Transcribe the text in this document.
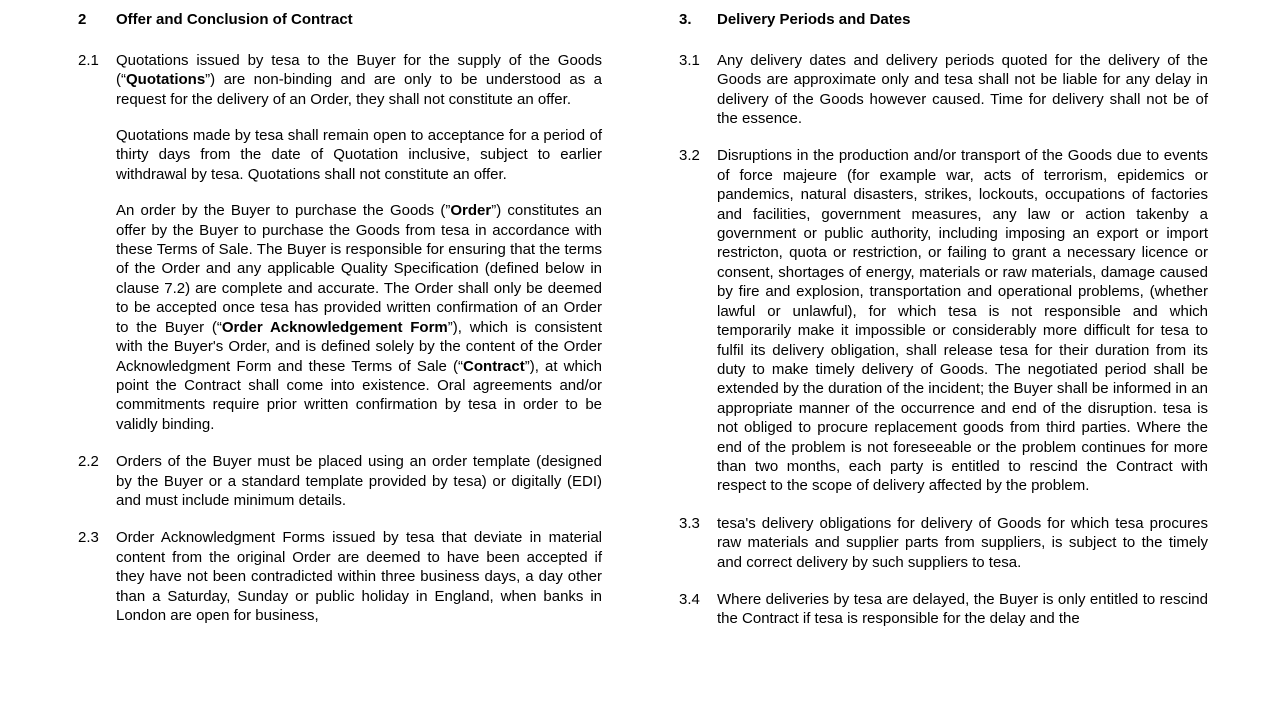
2	Offer and Conclusion of Contract
2.1	Quotations issued by tesa to the Buyer for the supply of the Goods (“Quotations”) are non-binding and are only to be understood as a request for the delivery of an Order, they shall not constitute an offer.

Quotations made by tesa shall remain open to acceptance for a period of thirty days from the date of Quotation inclusive, subject to earlier withdrawal by tesa. Quotations shall not constitute an offer.

An order by the Buyer to purchase the Goods (”Order”) constitutes an offer by the Buyer to purchase the Goods from tesa in accordance with these Terms of Sale. The Buyer is responsible for ensuring that the terms of the Order and any applicable Quality Specification (defined below in clause 7.2) are complete and accurate. The Order shall only be deemed to be accepted once tesa has provided written confirmation of an Order to the Buyer (“Order Acknowledgement Form”), which is consistent with the Buyer's Order, and is defined solely by the content of the Order Acknowledgment Form and these Terms of Sale (“Contract”), at which point the Contract shall come into existence. Oral agreements and/or commitments require prior written confirmation by tesa in order to be validly binding.

2.2	Orders of the Buyer must be placed using an order template (designed by the Buyer or a standard template provided by tesa) or digitally (EDI) and must include minimum details.

2.3	Order Acknowledgment Forms issued by tesa that deviate in material content from the original Order are deemed to have been accepted if they have not been contradicted within three business days, a day other than a Saturday, Sunday or public holiday in England, when banks in London are open for business,

3.	Delivery Periods and Dates
3.1	Any delivery dates and delivery periods quoted for the delivery of the Goods are approximate only and tesa shall not be liable for any delay in delivery of the Goods however caused. Time for delivery shall not be of the essence.

3.2	Disruptions in the production and/or transport of the Goods due to events of force majeure (for example war, acts of terrorism, epidemics or pandemics, natural disasters, strikes, lockouts, occupations of factories and facilities, government measures, any law or action takenby a government or public authority, including imposing an export or import restricton, quota or restriction, or failing to grant a necessary licence or consent, shortages of energy, materials or raw materials, damage caused by fire and explosion, transportation and operational problems, (whether lawful or unlawful), for which tesa is not responsible and which temporarily make it impossible or considerably more difficult for tesa to fulfil its delivery obligation, shall release tesa for their duration from its duty to make timely delivery of Goods. The negotiated period shall be extended by the duration of the incident; the Buyer shall be informed in an appropriate manner of the occurrence and end of the disruption. tesa is not obliged to procure replacement goods from third parties. Where the end of the problem is not foreseeable or the problem continues for more than two months, each party is entitled to rescind the Contract with respect to the scope of delivery affected by the problem.

3.3	tesa's delivery obligations for delivery of Goods for which tesa procures raw materials and supplier parts from suppliers, is subject to the timely and correct delivery by such suppliers to tesa.

3.4	Where deliveries by tesa are delayed, the Buyer is only entitled to rescind the Contract if tesa is responsible for the delay and the
